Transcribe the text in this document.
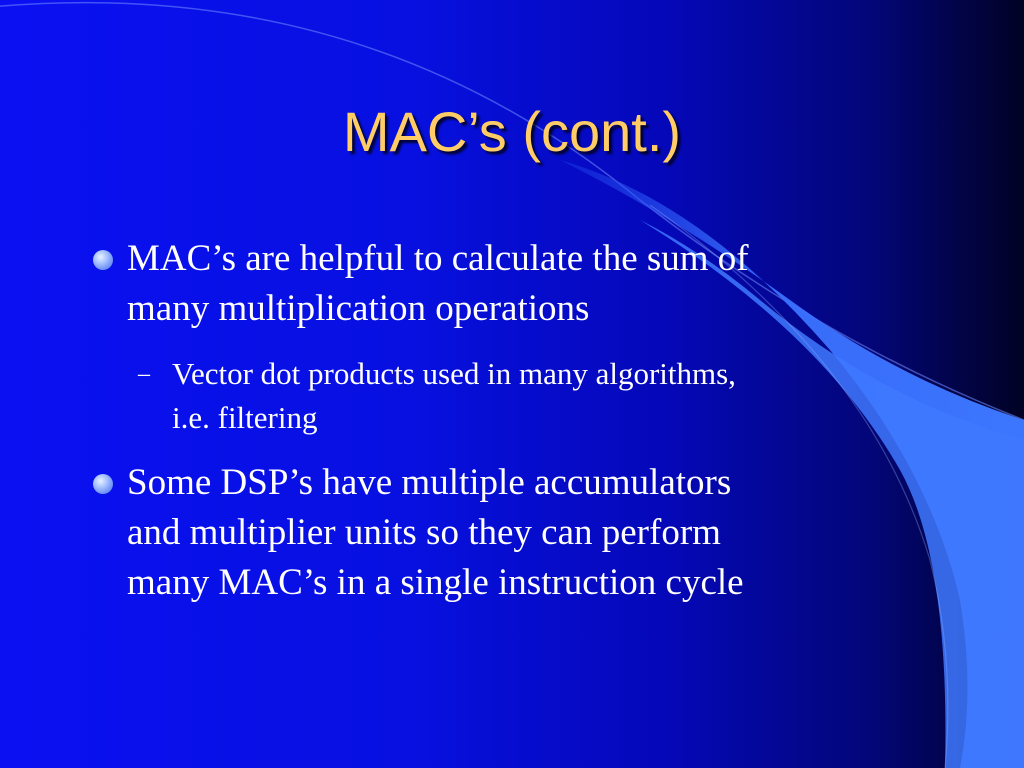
MAC’s (cont.)
MAC’s are helpful to calculate the sum of
many multiplication operations
– Vector dot products used in many algorithms,
i.e. filtering
Some DSP’s have multiple accumulators
and multiplier units so they can perform
many MAC’s in a single instruction cycle
